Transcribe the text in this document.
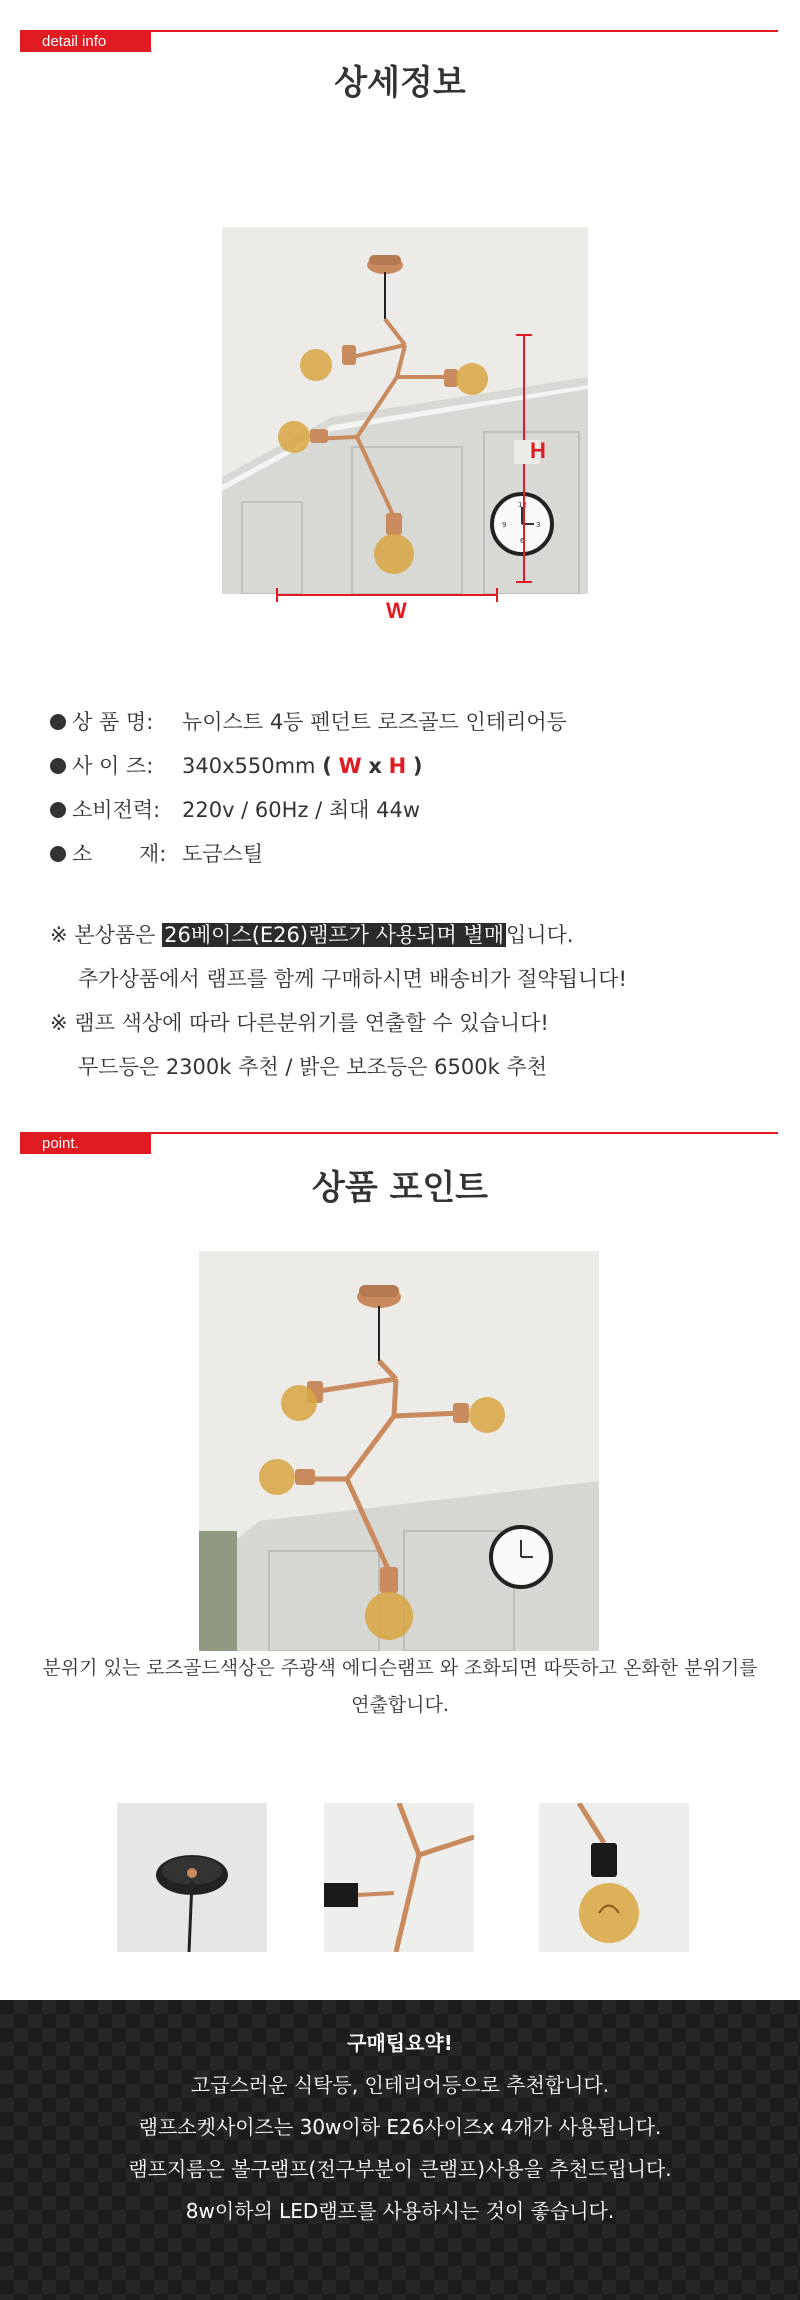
detail info
상세정보
12
3
6
9
H
W
상 품 명: 뉴이스트 4등 펜던트 로즈골드 인테리어등
사 이 즈: 340x550mm ( W x H )
소비전력: 220v / 60Hz / 최대 44w
소       재: 도금스틸
※ 본상품은 26베이스(E26)램프가 사용되며 별매입니다.
추가상품에서 램프를 함께 구매하시면 배송비가 절약됩니다!
※ 램프 색상에 따라 다른분위기를 연출할 수 있습니다!
무드등은 2300k 추천 / 밝은 보조등은 6500k 추천
point.
상품 포인트
분위기 있는 로즈골드색상은 주광색 에디슨램프 와 조화되면 따뜻하고 온화한 분위기를
연출합니다.
구매팁요약!
고급스러운 식탁등, 인테리어등으로 추천합니다.
램프소켓사이즈는 30w이하 E26사이즈x 4개가 사용됩니다.
램프지름은 볼구램프(전구부분이 큰램프)사용을 추천드립니다.
8w이하의 LED램프를 사용하시는 것이 좋습니다.
